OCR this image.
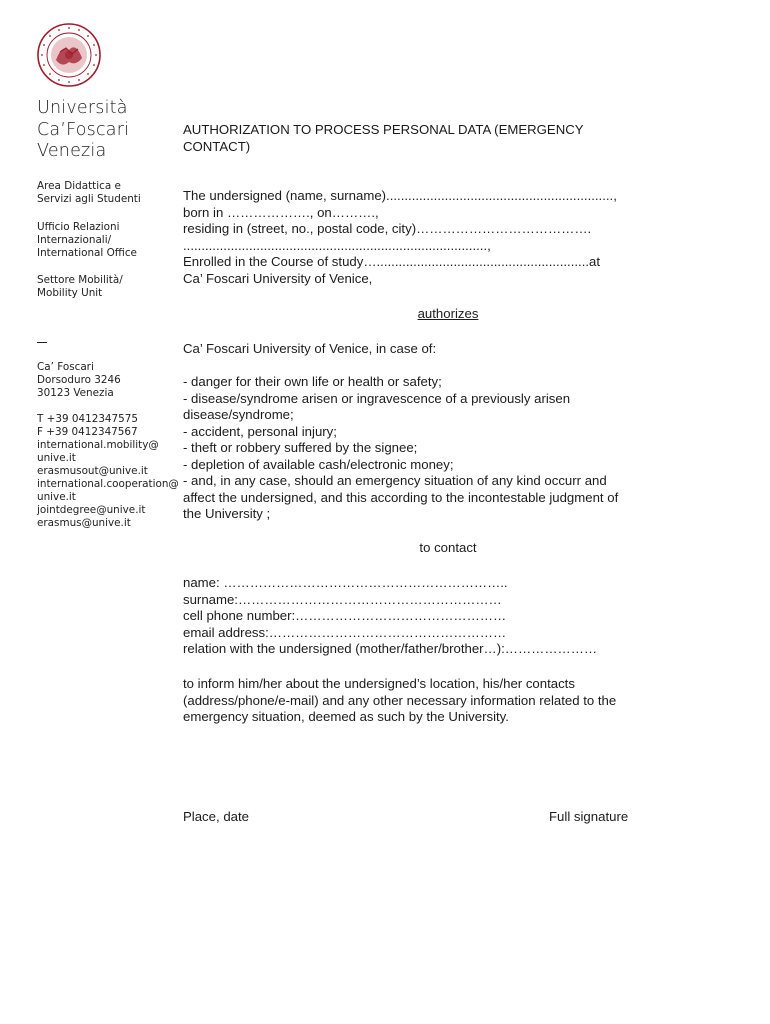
Università
Ca’Foscari
Venezia
Area Didattica e
Servizi agli Studenti
Ufficio Relazioni
Internazionali/
International Office
Settore Mobilità/
Mobility Unit
Ca’ Foscari
Dorsoduro 3246
30123 Venezia
T +39 0412347575
F +39 0412347567
international.mobility@
unive.it
erasmusout@unive.it
international.cooperation@
unive.it
jointdegree@unive.it
erasmus@unive.it
AUTHORIZATION TO PROCESS PERSONAL DATA (EMERGENCY
CONTACT)
The undersigned (name, surname)..............................................................,
born in ………………., on……….,
residing in (street, no., postal code, city)………………………………….
...................................................................................,
Enrolled in the Course of study…..........................................................at
Ca’ Foscari University of Venice,
authorizes
Ca’ Foscari University of Venice, in case of:
- danger for their own life or health or safety;
- disease/syndrome arisen or ingravescence of a previously arisen
disease/syndrome;
- accident, personal injury;
- theft or robbery suffered by the signee;
- depletion of available cash/electronic money;
- and, in any case, should an emergency situation of any kind occurr and
affect the undersigned, and this according to the incontestable judgment of
the University ;
to contact
name: ………………………………………………………..
surname:……………………………………………………
cell phone number:…………………………………………
email address:………………………………………………
relation with the undersigned (mother/father/brother…):…………………
to inform him/her about the undersigned’s location, his/her contacts
(address/phone/e-mail) and any other necessary information related to the
emergency situation, deemed as such by the University.
Place, date	Full signature
